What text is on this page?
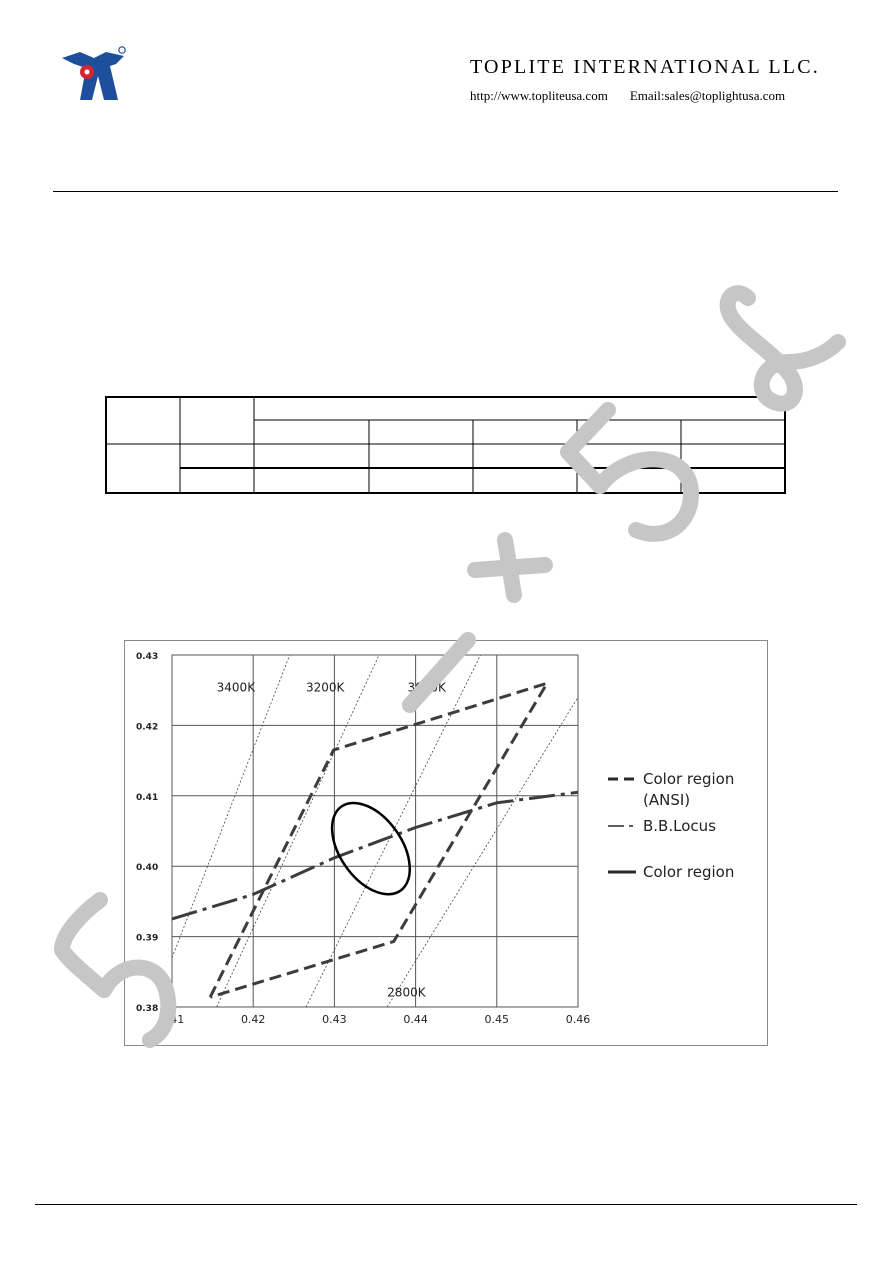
TOPLITE INTERNATIONAL LLC.
http://www.topliteusa.com Email:sales@toplightusa.com
0.41	0.42	0.43	0.44	0.45	0.46
0.38
0.39
0.40
0.41
0.42
0.43
3400K	3200K	3000K
2800K
Color region
(ANSI)
B.B.Locus
Color region
